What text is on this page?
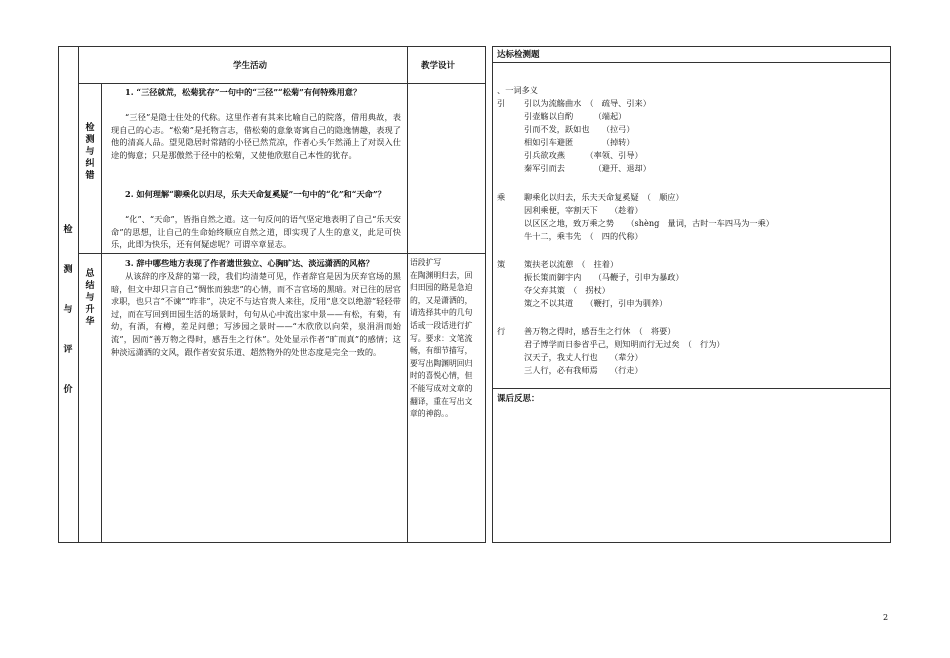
学生活动	教学设计
检
测
与
评
价
检
测
与
纠
错
1. “三径就荒，松菊犹存”一句中的“三径”“松菊”有何特殊用意？
“三径”是隐士住处的代称。这里作者有其来比喻自己的院落，借用典故，表现自己的心志。“松菊”是托物言志，借松菊的意象寄寓自己的隐逸情趣，表现了他的清高人品。望见隐居时常踏的小径已然荒凉，作者心头乍然涌上了对误入仕途的悔意；只是那傲然于径中的松菊，又使他欣慰自己本性的犹存。
2. 如何理解“聊乘化以归尽，乐夫天命复奚疑”一句中的“化”和“天命”？
“化”、“天命”，皆指自然之道。这一句反问的语气坚定地表明了自己“乐天安命”的思想，让自己的生命始终顺应自然之道，即实现了人生的意义，此足可快乐，此即为快乐，还有何疑虑呢？可谓卒章显志。
总
结
与
升
华
3. 辞中哪些地方表现了作者遗世独立、心胸旷达、淡远潇洒的风格？
从该辞的序及辞的第一段，我们均清楚可见，作者辞官是因为厌弃官场的黑暗，但文中却只言自己“惆怅而独悲”的心情，而不言官场的黑暗。对已往的居官求职，也只言“不谏”“昨非”，决定不与达官贵人来往，反用“息交以绝游”轻轻带过，而在写回到田园生活的场景时，句句从心中流出家中景——有松，有菊，有幼，有酒，有樽，差足问憩；写涉园之景时——“木欣欣以向荣，泉涓涓而始流”，因而“善万物之得时，感吾生之行休”。处处显示作者“旷而真”的感情；这种淡远潇洒的文风，跟作者安贫乐道、超然物外的处世态度是完全一致的。
语段扩写
在陶渊明归去，回归田园的路是急迫的，又是潇洒的，请选择其中的几句话或一段话进行扩写。要求：文笔流畅，有细节描写，要写出陶渊明回归时的喜悦心情，但不能写成对文章的翻译，重在写出文章的神韵。。
达标检测题
、一词多义
引 引以为流觞曲水　（　疏导、引来）
引壶觞以自酌　　　（端起）
引而不发，跃如也　　（拉弓）
相如引车避匿　　　　（掉转）
引兵欲攻燕　　　（率领、引导）
秦军引而去　　　　（避开、退却）
乘 聊乘化以归去，乐夫天命复奚疑　（　顺应）
因利乘便，宰割天下　　（趁着）
以区区之地，致万乘之势　　（shèng　量词，古时一车四马为一乘）
牛十二，乘韦先　（　四的代称）
策 策扶老以流憩　（　拄着）
振长策而御宇内　　（马鞭子，引申为暴政）
夺父弃其策　（　拐杖）
策之不以其道　　（鞭打，引申为驯养）
行 善万物之得时，感吾生之行休　（　将要）
君子博学而日参省乎己，则知明而行无过矣　（　行为）
汉天子，我丈人行也　　（辈分）
三人行，必有我师焉　　（行走）
课后反思：
2
